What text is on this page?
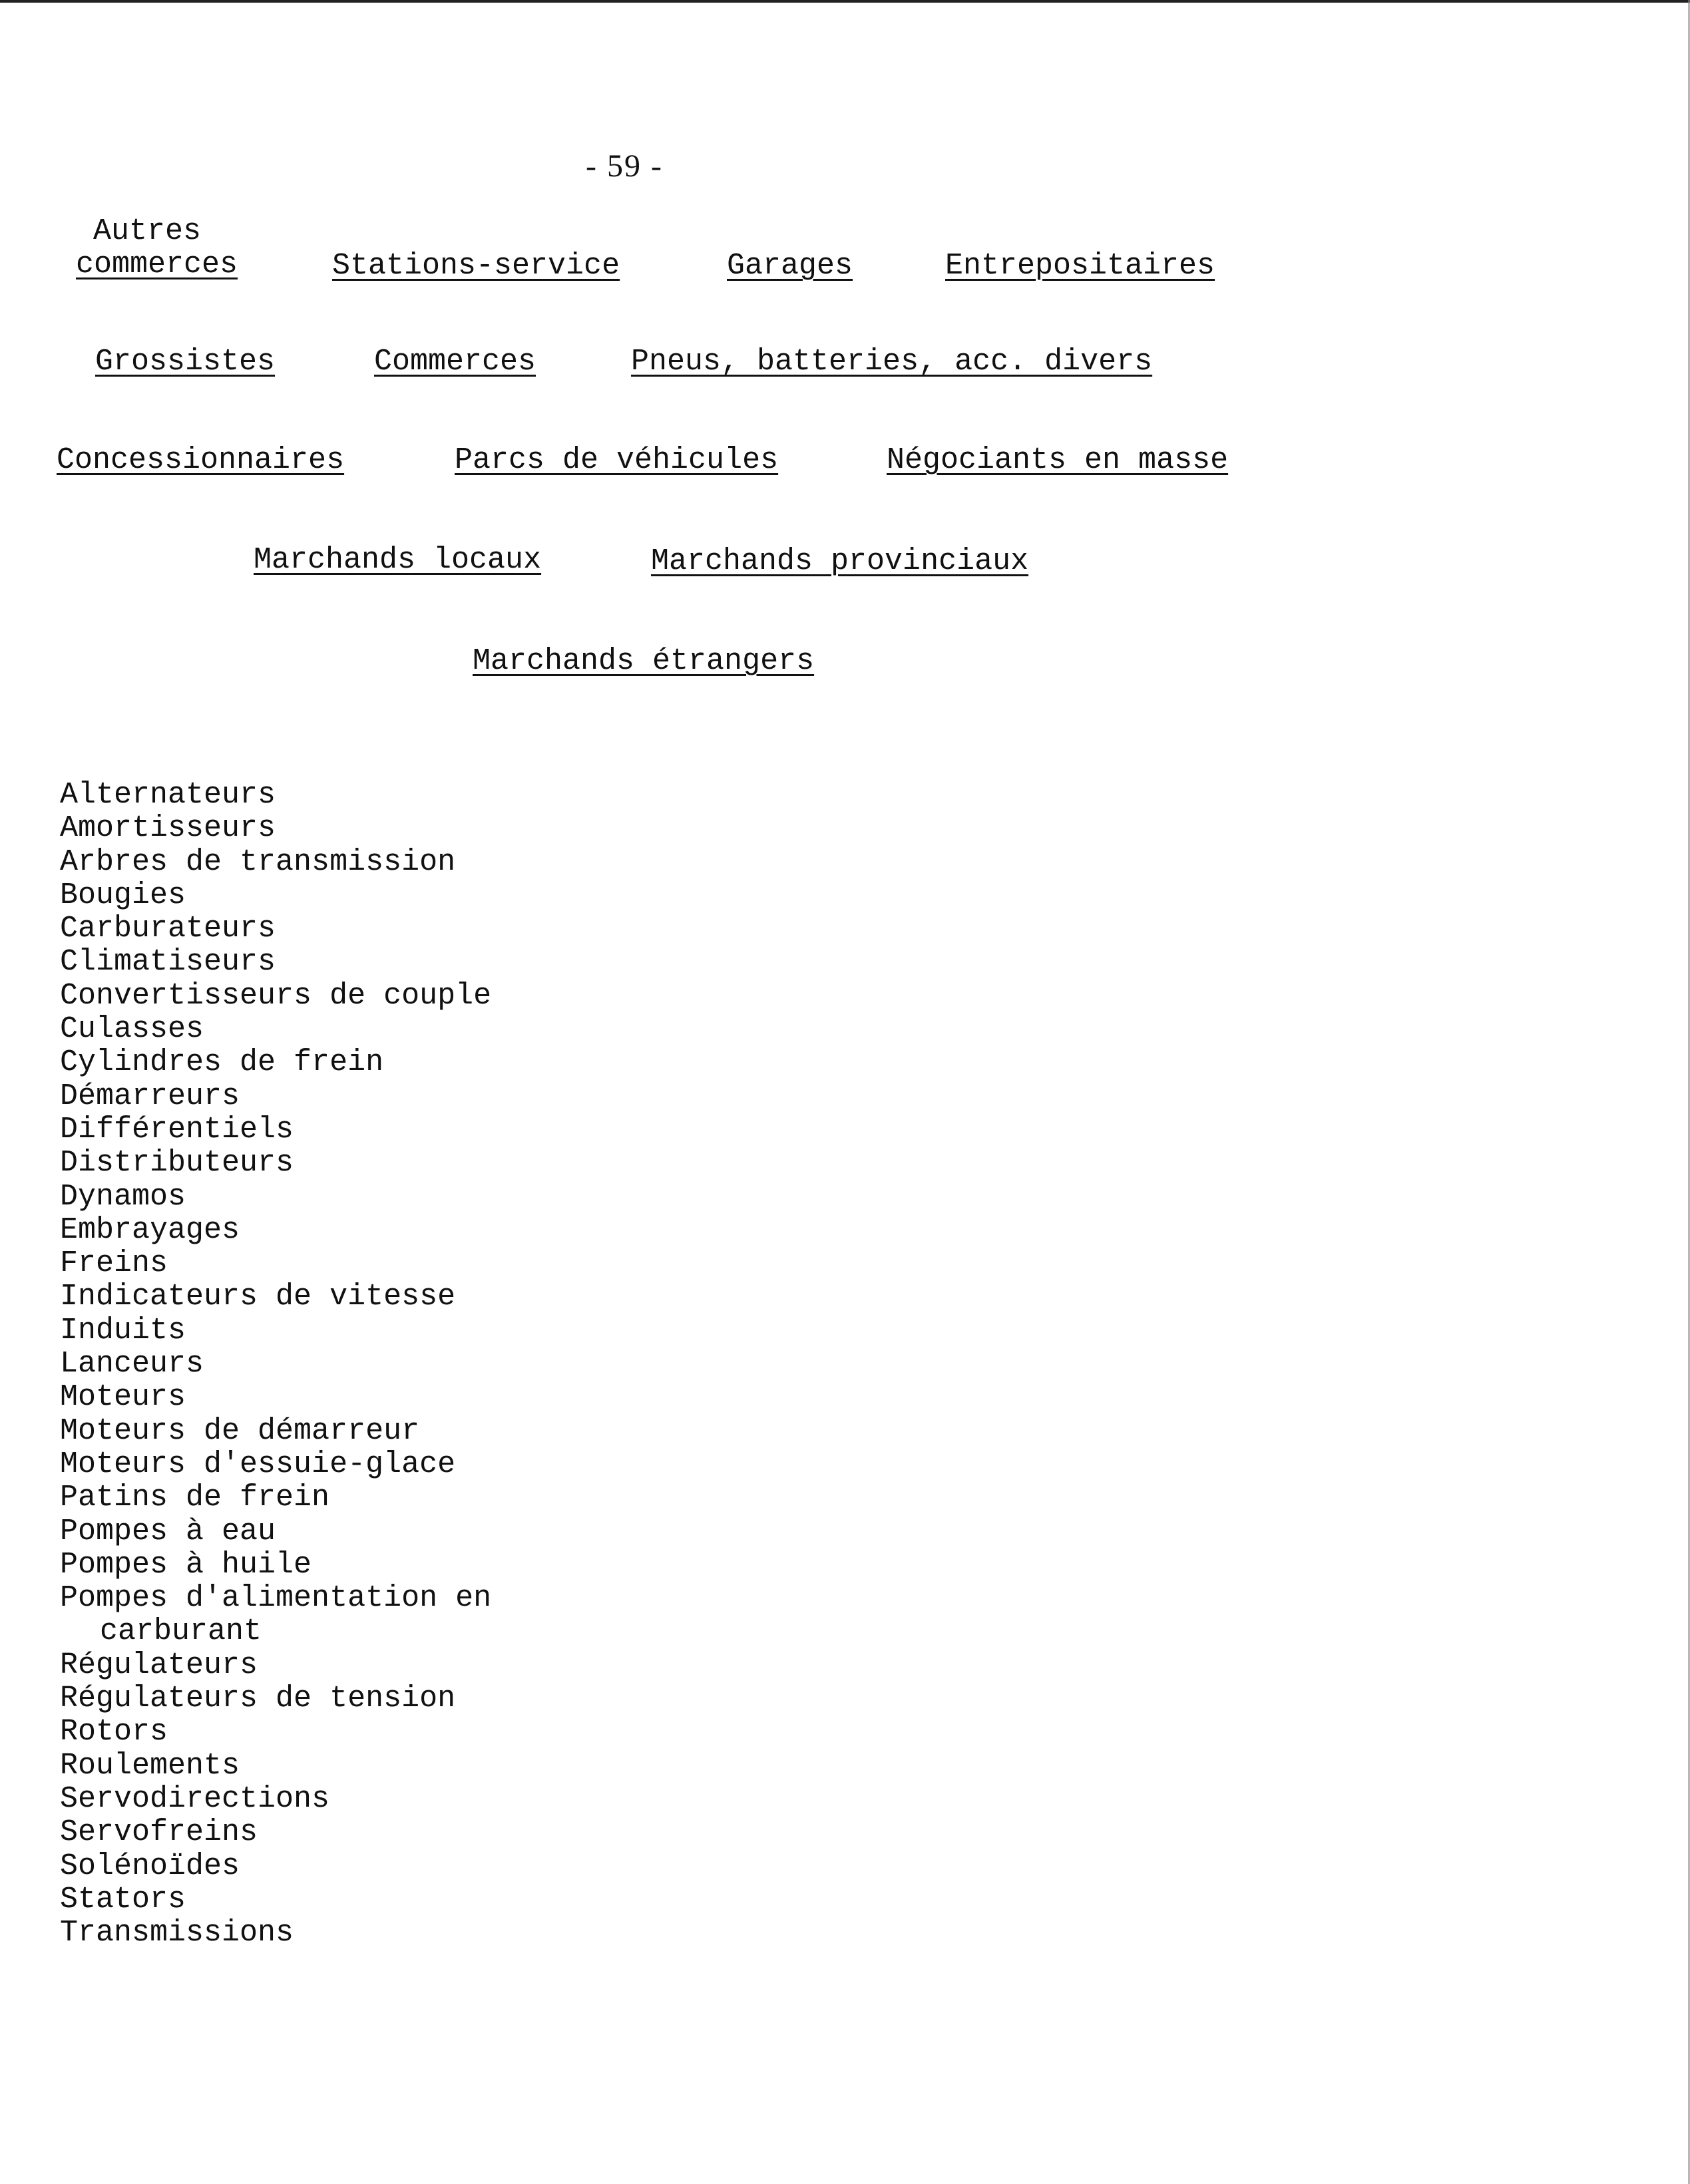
- 59 -
Autres
commerces	Stations-service	Garages	Entrepositaires
Grossistes	Commerces	Pneus, batteries, acc. divers
Concessionnaires	Parcs de véhicules	Négociants en masse
Marchands locaux	Marchands provinciaux
Marchands étrangers
Alternateurs
Amortisseurs
Arbres de transmission
Bougies
Carburateurs
Climatiseurs
Convertisseurs de couple
Culasses
Cylindres de frein
Démarreurs
Différentiels
Distributeurs
Dynamos
Embrayages
Freins
Indicateurs de vitesse
Induits
Lanceurs
Moteurs
Moteurs de démarreur
Moteurs d'essuie-glace
Patins de frein
Pompes à eau
Pompes à huile
Pompes d'alimentation en
carburant
Régulateurs
Régulateurs de tension
Rotors
Roulements
Servodirections
Servofreins
Solénoïdes
Stators
Transmissions
